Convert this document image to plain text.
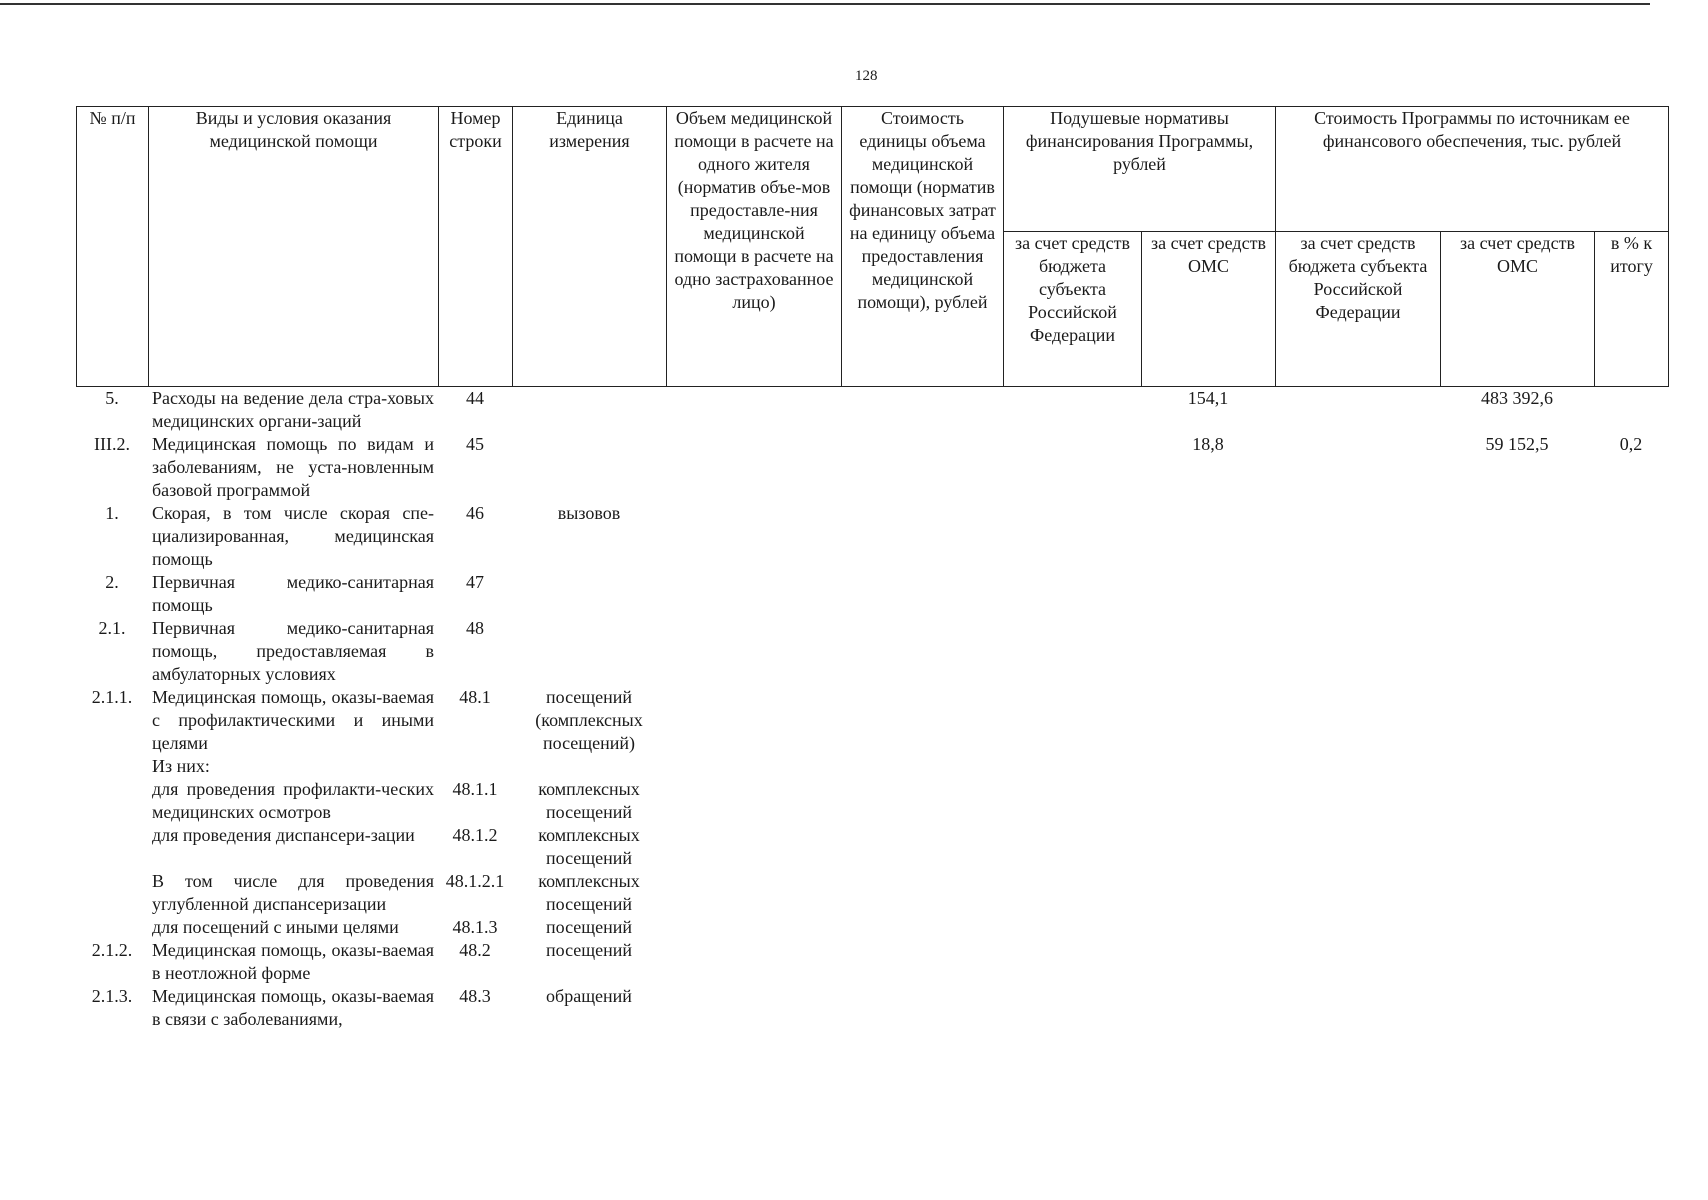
128
№ п/п	Виды и условия оказания медицинской помощи	Номер строки	Единица измерения	Объем медицинской помощи в расчете на одного жителя (норматив объе-мов предоставле-ния медицинской помощи в расчете на одно застрахованное лицо)	Стоимость единицы объема медицинской помощи (норматив финансовых затрат на единицу объема предоставления медицинской помощи), рублей	Подушевые нормативы финансирования Программы, рублей		Стоимость Программы по источникам ее финансового обеспечения, тыс. рублей		
						за счет средств бюджета субъекта Российской Федерации	за счет средств ОМС	за счет средств бюджета субъекта Российской Федерации	за счет средств ОМС	в % к итогу
5.	Расходы на ведение дела стра-ховых медицинских органи-заций	44					154,1		483 392,6	
III.2.	Медицинская помощь по видам и заболеваниям, не уста-новленным базовой программой	45					18,8		59 152,5	0,2
1.	Скорая, в том числе скорая спе-циализированная, медицинская помощь	46	вызовов							
2.	Первичная медико-санитарная помощь	47								
2.1.	Первичная медико-санитарная помощь, предоставляемая в амбулаторных условиях	48								
2.1.1.	Медицинская помощь, оказы-ваемая с профилактическими и иными целями	48.1	посещений (комплексных посещений)							
	Из них:									
	для проведения профилакти-ческих медицинских осмотров	48.1.1	комплексных посещений							
	для проведения диспансери-зации	48.1.2	комплексных посещений							
	В том числе для проведения углубленной диспансеризации	48.1.2.1	комплексных посещений							
	для посещений с иными целями	48.1.3	посещений							
2.1.2.	Медицинская помощь, оказы-ваемая в неотложной форме	48.2	посещений							
2.1.3.	Медицинская помощь, оказы-ваемая в связи с заболеваниями,	48.3	обращений							
